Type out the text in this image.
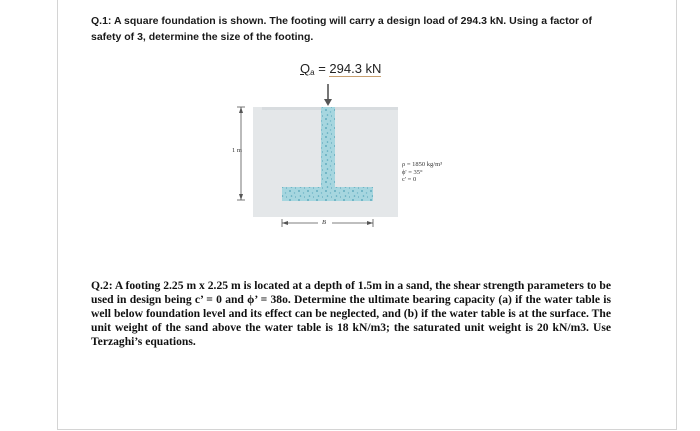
Q.1: A square foundation is shown. The footing will carry a design load of 294.3 kN. Using a factor of
safety of 3, determine the size of the footing.
$Q_a = 294.3$ kN
1 m
B
ρ = 1850 kg/m³
ϕ' = 35°
c' = 0
Q.2: A footing 2.25 m x 2.25 m is located at a depth of 1.5m in a sand, the shear strength parameters to be used in design being c’ = 0 and ϕ’ = 38o. Determine the ultimate bearing capacity (a) if the water table is well below foundation level and its effect can be neglected, and (b) if the water table is at the surface. The unit weight of the sand above the water table is 18 kN/m3; the saturated unit weight is 20 kN/m3. Use Terzaghi’s equations.
